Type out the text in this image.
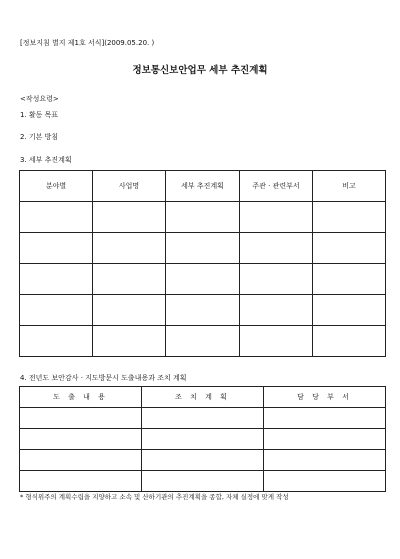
[정보지침 별지 제1호 서식](2009.05.20. )
정보통신보안업무 세부 추진계획
<작성요령>
1. 활동 목표
2. 기본 방침
3. 세부 추진계획
분야별	사업명	세부 추진계획	주관 · 관련부서	비고

4. 전년도 보안감사 · 지도방문시 도출내용과 조치 계획
도 출 내 용	조 치 계 획	담 당 부 서

* 형식위주의 계획수립을 지양하고 소속 및 산하기관의 추진계획을 종합, 자체 실정에 맞게 작성
